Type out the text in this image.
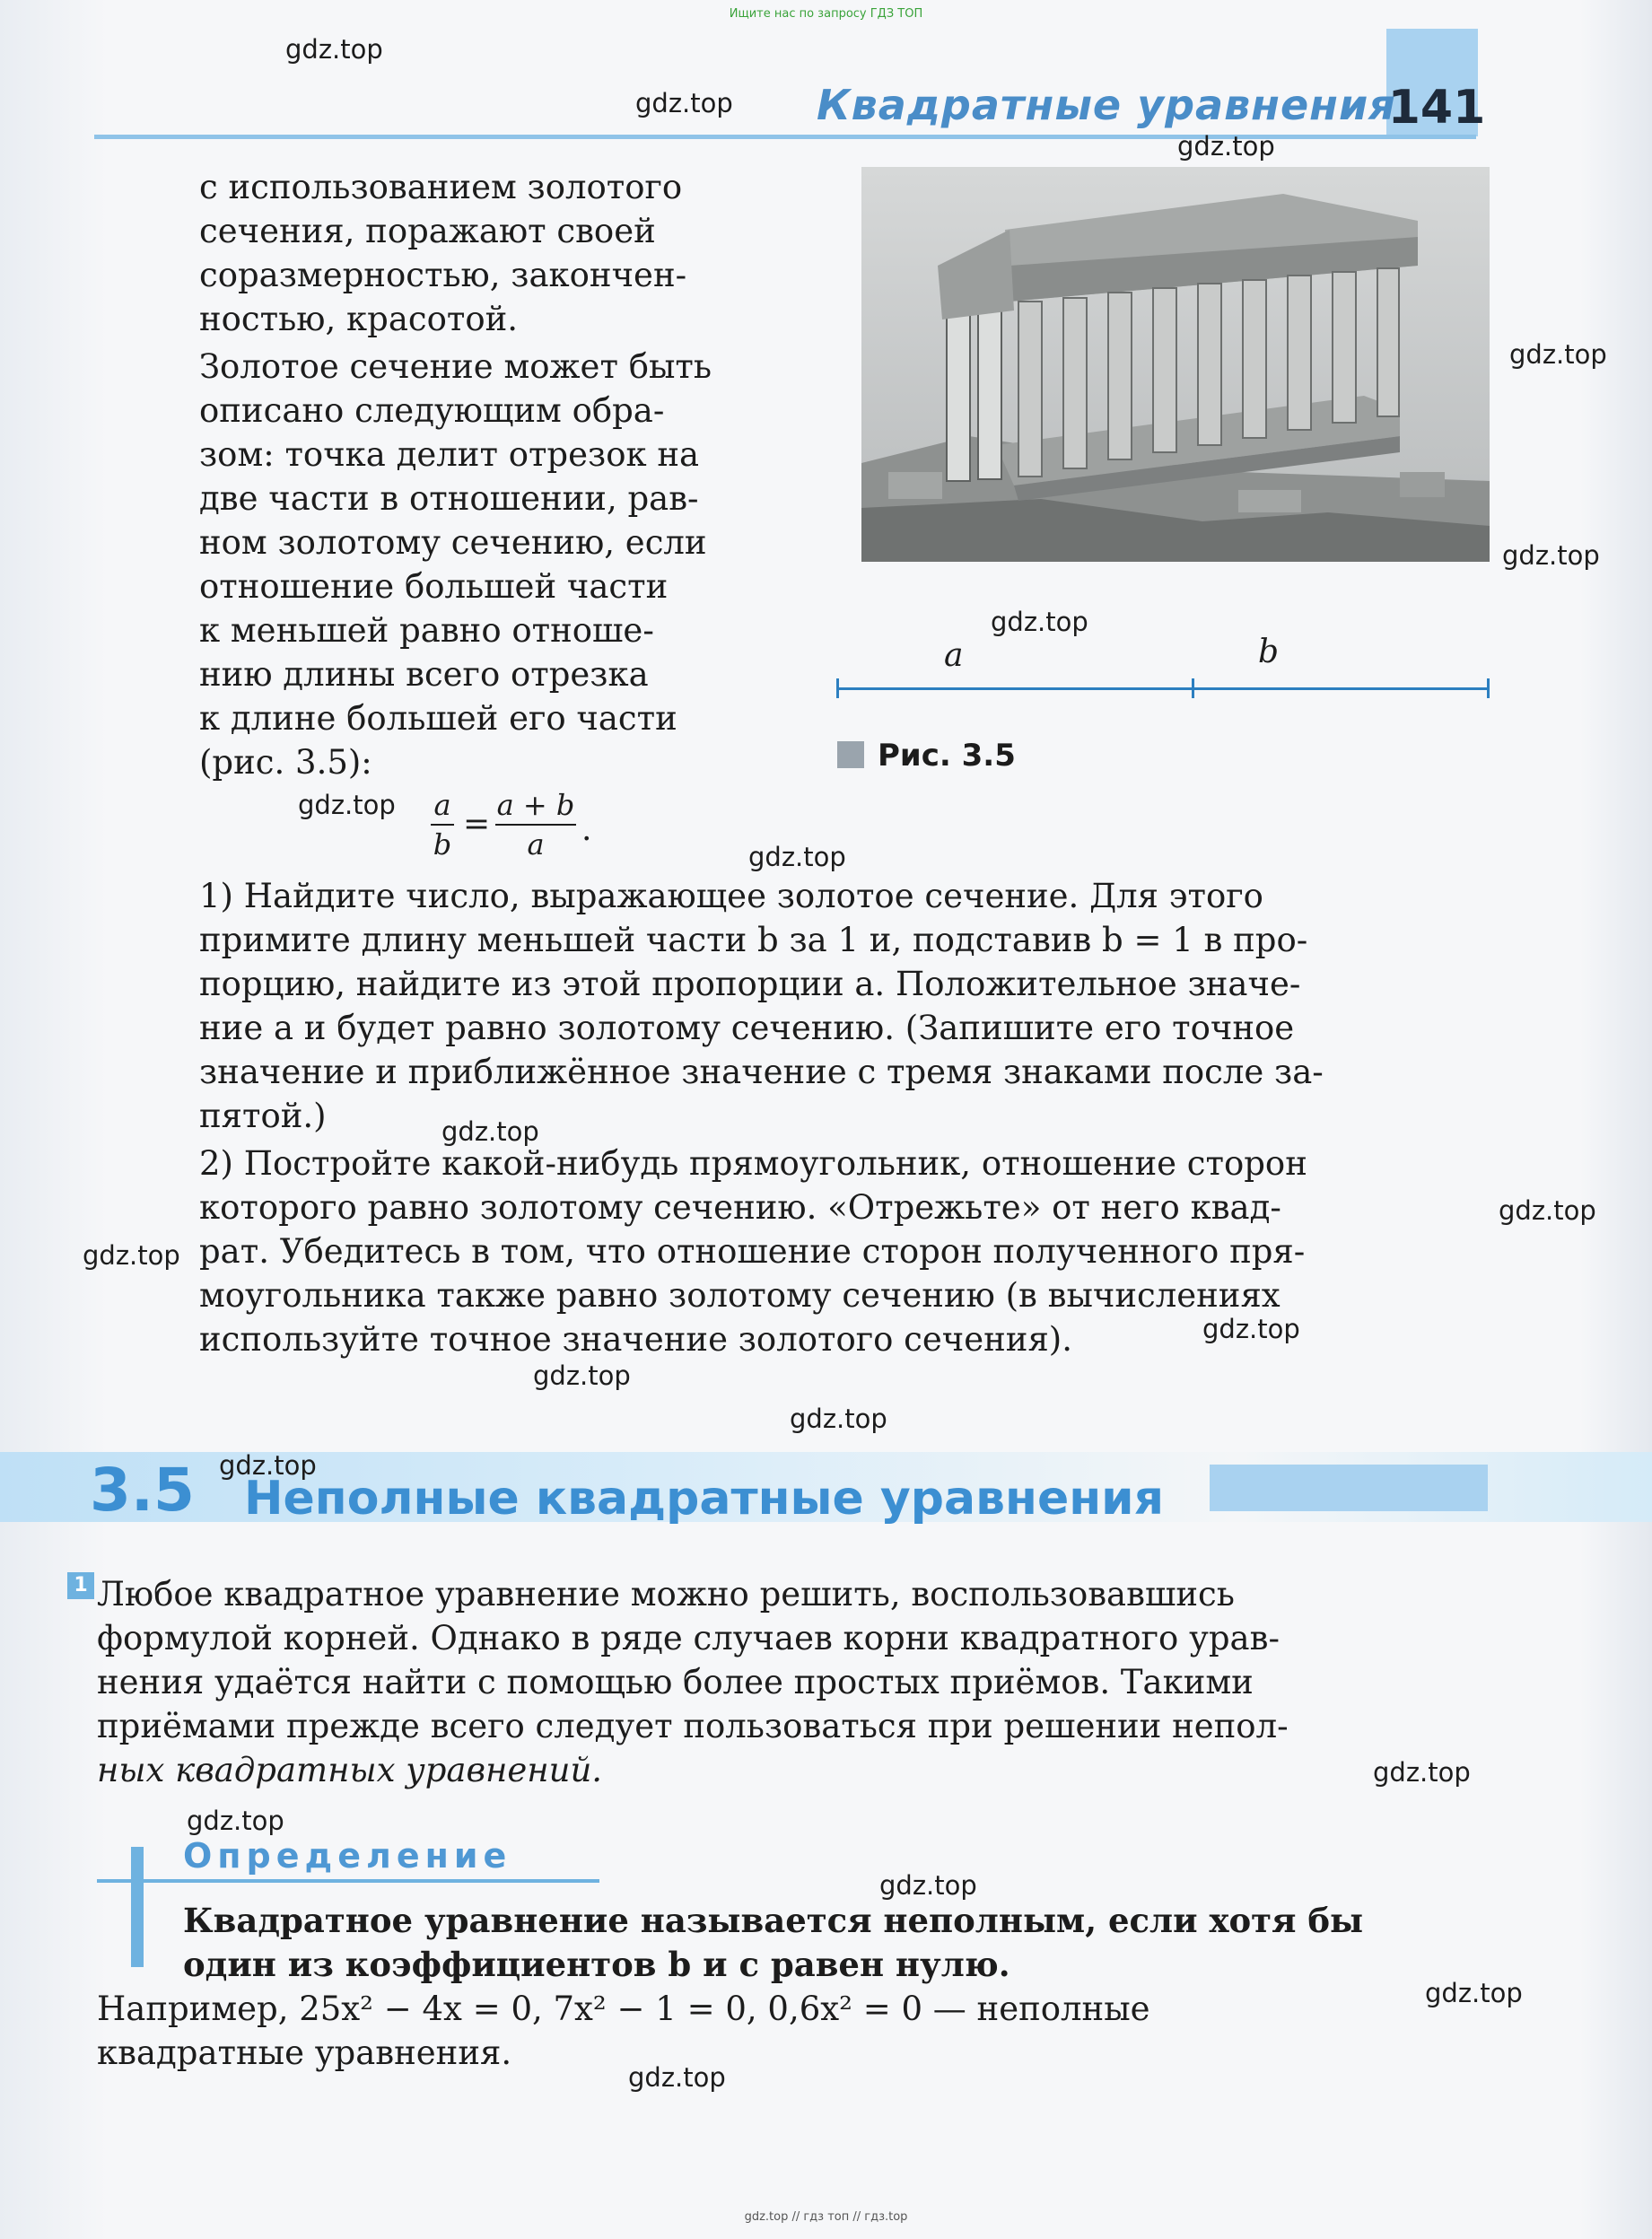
Ищите нас по запросу ГДЗ ТОП
Квадратные уравнения
141
с использованием золотого
сечения, поражают своей
соразмерностью, закончен-
ностью, красотой.
Золотое сечение может быть
описано следующим обра-
зом: точка делит отрезок на
две части в отношении, рав-
ном золотому сечению, если
отношение большей части
к меньшей равно отноше-
нию длины всего отрезка
к длине большей его части
(рис. 3.5):
a
b
=
a + b
a	.
a	b
Рис. 3.5
1) Найдите число, выражающее золотое сечение. Для этого
примите длину меньшей части b за 1 и, подставив b = 1 в про-
порцию, найдите из этой пропорции a. Положительное значе-
ние a и будет равно золотому сечению. (Запишите его точное
значение и приближённое значение с тремя знаками после за-
пятой.)
2) Постройте какой-нибудь прямоугольник, отношение сторон
которого равно золотому сечению. «Отрежьте» от него квад-
рат. Убедитесь в том, что отношение сторон полученного пря-
моугольника также равно золотому сечению (в вычислениях
используйте точное значение золотого сечения).
3.5 Неполные квадратные уравнения
1 Любое квадратное уравнение можно решить, воспользовавшись
формулой корней. Однако в ряде случаев корни квадратного урав-
нения удаётся найти с помощью более простых приёмов. Такими
приёмами прежде всего следует пользоваться при решении непол-
ных квадратных уравнений.
Определение
Квадратное уравнение называется неполным, если хотя бы
один из коэффициентов b и c равен нулю.
Например, 25x² − 4x = 0, 7x² − 1 = 0, 0,6x² = 0 — неполные
квадратные уравнения.
gdz.top
gdz.top
gdz.top
gdz.top
gdz.top
gdz.top
gdz.top
gdz.top
gdz.top
gdz.top
gdz.top
gdz.top
gdz.top
gdz.top
gdz.top
gdz.top
gdz.top
gdz.top
gdz.top
gdz.top
gdz.top // гдз топ // гдз.top
